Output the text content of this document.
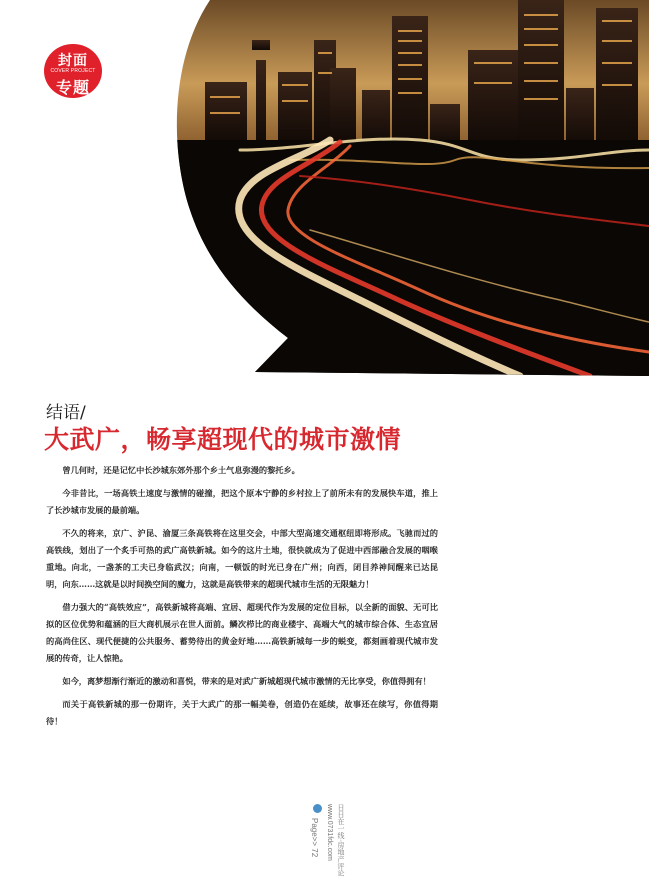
封面
COVER PROJECT
专题
结语/
大武广，畅享超现代的城市激情

曾几何时，还是记忆中长沙城东郊外那个乡土气息弥漫的黎托乡。

今非昔比，一场高铁土速度与激情的碰撞，把这个原本宁静的乡村拉上了前所未有的发展快车道，推上了长沙城市发展的最前端。

不久的将来，京广、沪昆、渝厦三条高铁将在这里交会，中部大型高速交通枢纽即将形成。飞驰而过的高铁线，划出了一个炙手可热的武广高铁新城。如今的这片土地，很快就成为了促进中西部融合发展的咽喉重地。向北，一盏茶的工夫已身临武汉；向南，一顿饭的时光已身在广州；向西，闭目养神间醒来已达昆明，向东……这就是以时间换空间的魔力，这就是高铁带来的超现代城市生活的无限魅力！

借力强大的“高铁效应”，高铁新城将高端、宜居、超现代作为发展的定位目标，以全新的面貌、无可比拟的区位优势和蕴涵的巨大商机展示在世人面前。鳞次栉比的商业楼宇、高端大气的城市综合体、生态宜居的高尚住区、现代便捷的公共服务、蓄势待出的黄金好地……高铁新城每一步的蜕变，都刻画着现代城市发展的传奇，让人惊艳。

如今，离梦想渐行渐近的激动和喜悦，带来的是对武广新城超现代城市激情的无比享受，你值得拥有！

而关于高铁新城的那一份期许，关于大武广的那一幅美卷，创造仍在延续，故事还在续写，你值得期待！

Page>> 72 www.0731fdc.com 日日在一线·房地产评论
